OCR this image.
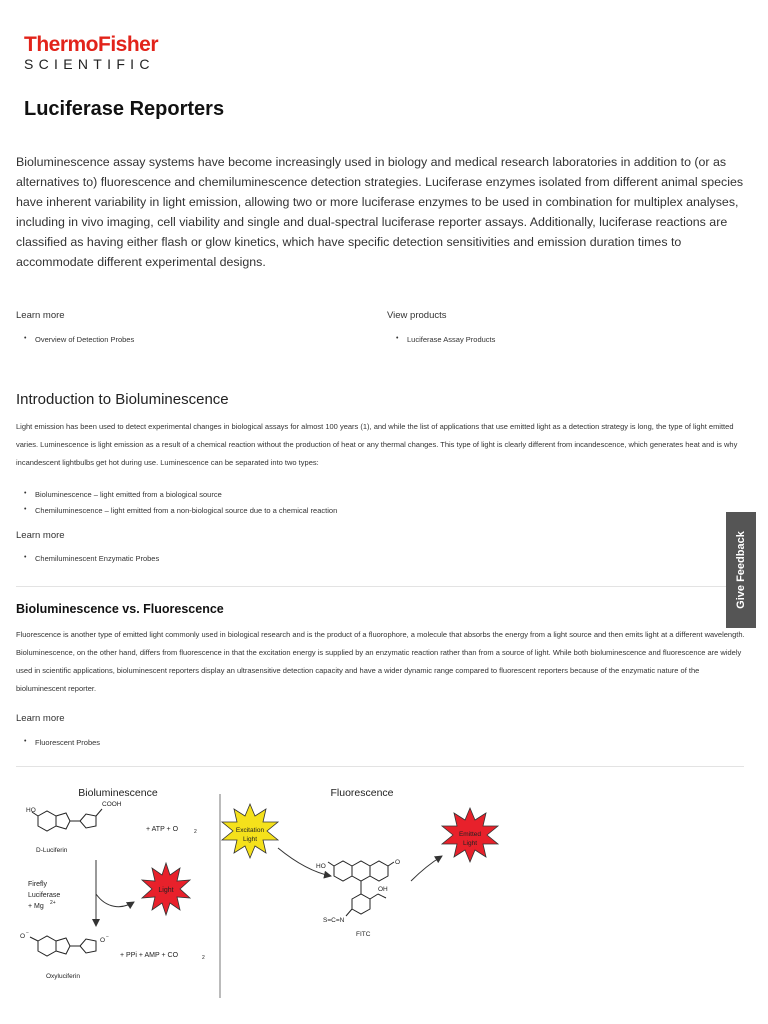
ThermoFisher
SCIENTIFIC
Luciferase Reporters

Bioluminescence assay systems have become increasingly used in biology and medical research laboratories in addition to (or as alternatives to) fluorescence and chemiluminescence detection strategies. Luciferase enzymes isolated from different animal species have inherent variability in light emission, allowing two or more luciferase enzymes to be used in combination for multiplex analyses, including in vivo imaging, cell viability and single and dual-spectral luciferase reporter assays. Additionally, luciferase reactions are classified as having either flash or glow kinetics, which have specific detection sensitivities and emission duration times to accommodate different experimental designs.

Learn more
• Overview of Detection Probes
View products
• Luciferase Assay Products
Introduction to Bioluminescence

Light emission has been used to detect experimental changes in biological assays for almost 100 years (1), and while the list of applications that use emitted light as a detection strategy is long, the type of light emitted varies. Luminescence is light emission as a result of a chemical reaction without the production of heat or any thermal changes. This type of light is clearly different from incandescence, which generates heat and is why incandescent lightbulbs get hot during use. Luminescence can be separated into two types:

• Bioluminescence – light emitted from a biological source
• Chemiluminescence – light emitted from a non-biological source due to a chemical reaction
Learn more
• Chemiluminescent Enzymatic Probes
Bioluminescence vs. Fluorescence

Fluorescence is another type of emitted light commonly used in biological research and is the product of a fluorophore, a molecule that absorbs the energy from a light source and then emits light at a different wavelength. Bioluminescence, on the other hand, differs from fluorescence in that the excitation energy is supplied by an enzymatic reaction rather than from a source of light. While both bioluminescence and fluorescence are widely used in scientific applications, bioluminescent reporters display an ultrasensitive detection capacity and have a wider dynamic range compared to fluorescent reporters because of the enzymatic nature of the bioluminescent reporter.

Learn more
• Fluorescent Probes
Give Feedback
Bioluminescence
HO
COOH
+ ATP + O	2
D-Luciferin
Firefly
Luciferase
+ Mg 2+
Light
O −
O −
+ PPi + AMP + CO	2
Oxyluciferin
Fluorescence
Excitation
Light
Emitted
Light
HO
O
OH
S=C=N
FITC
